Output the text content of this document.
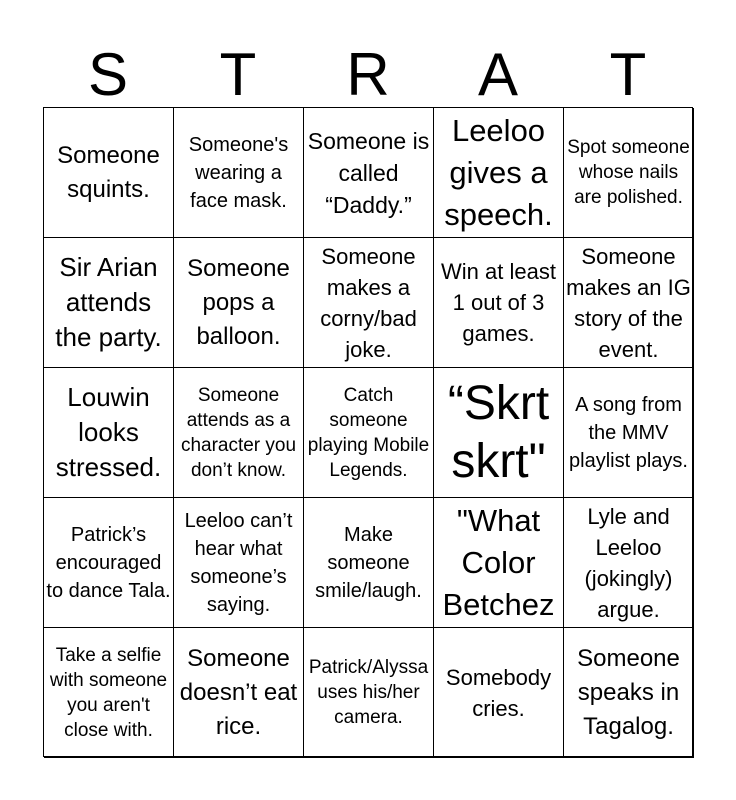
S	T	R	A	T
Someone squints.
Someone's wearing a face mask.
Someone is called “Daddy.”
Leeloo gives a speech.
Spot someone whose nails are polished.
Sir Arian attends the party.
Someone pops a balloon.
Someone makes a corny/bad joke.
Win at least 1 out of 3 games.
Someone makes an IG story of the event.
Louwin looks stressed.
Someone attends as a character you don’t know.
Catch someone playing Mobile Legends.
“Skrt skrt"
A song from the MMV playlist plays.
Patrick’s encouraged to dance Tala.
Leeloo can’t hear what someone’s saying.
Make someone smile/laugh.
"What Color Betchez
Lyle and Leeloo (jokingly) argue.
Take a selfie with someone you aren't close with.
Someone doesn’t eat rice.
Patrick/Alyssa uses his/her camera.
Somebody cries.
Someone speaks in Tagalog.
